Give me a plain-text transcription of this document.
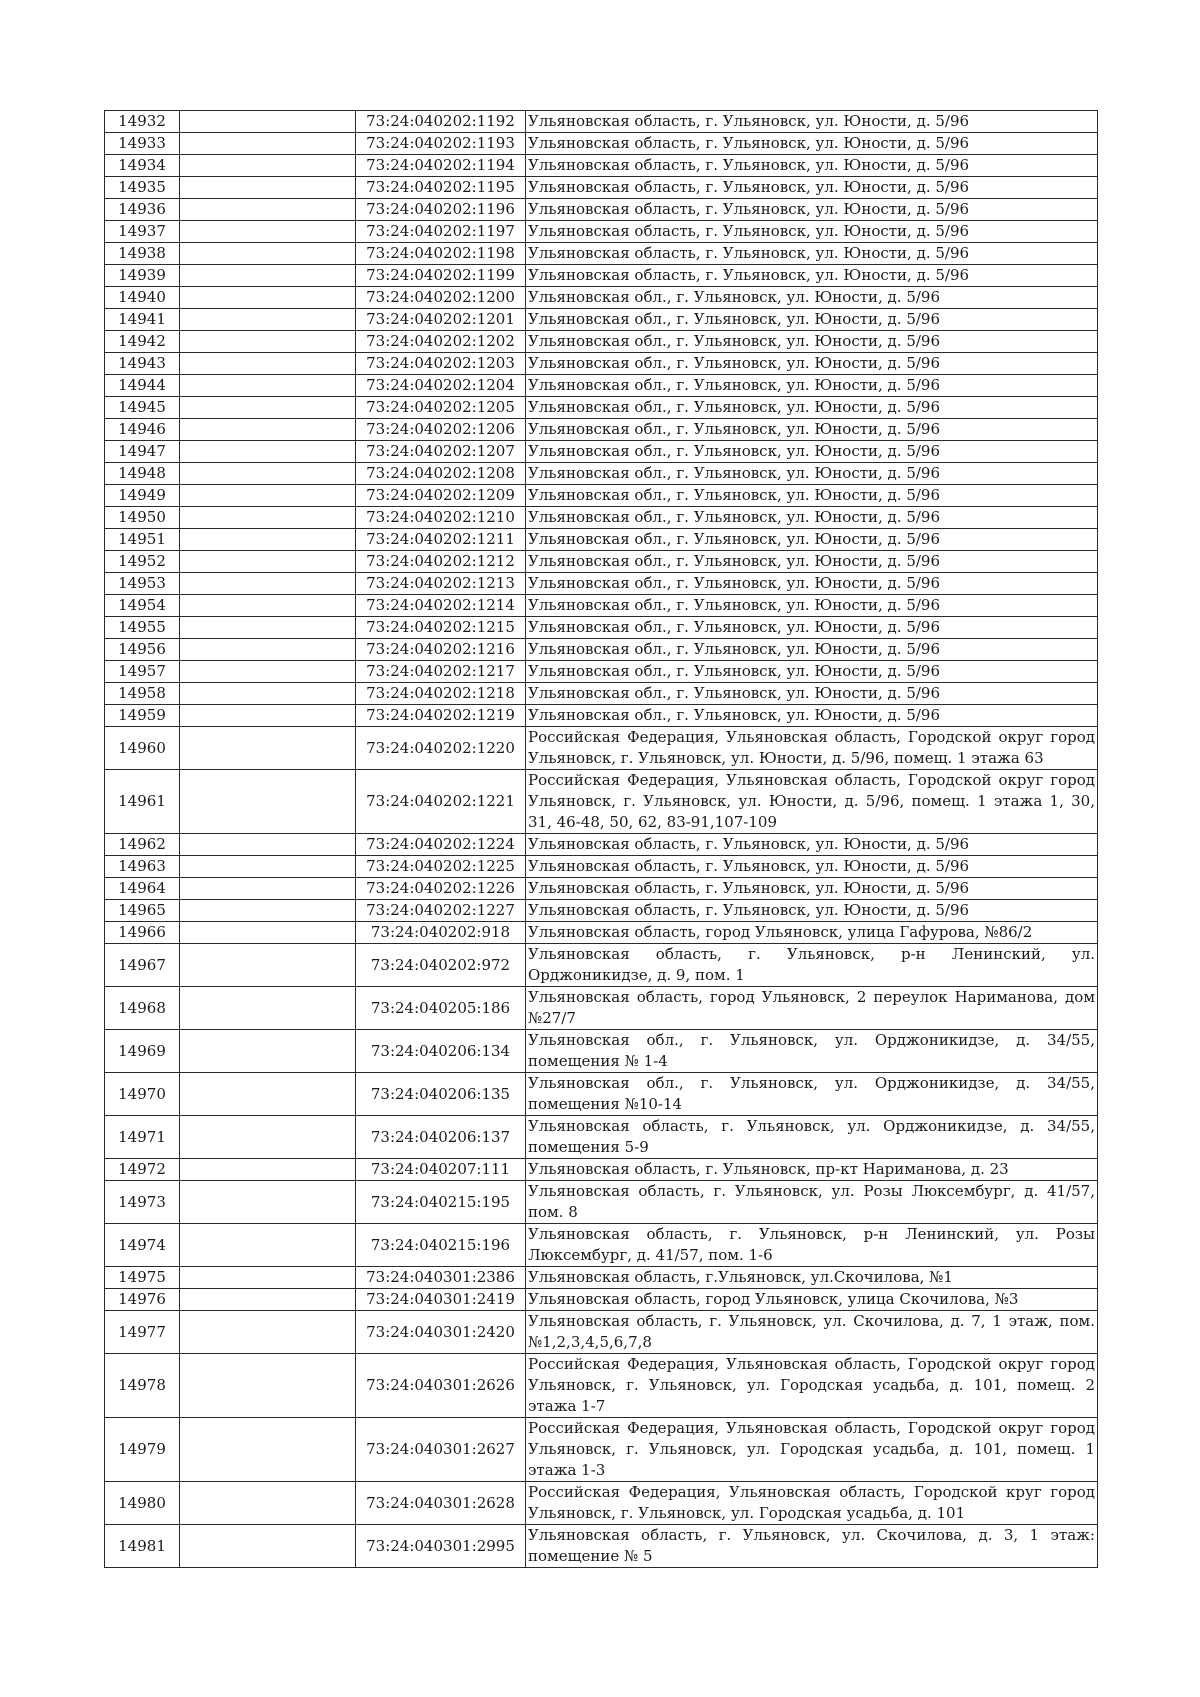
14932		73:24:040202:1192	Ульяновская область, г. Ульяновск, ул. Юности, д. 5/96
14933		73:24:040202:1193	Ульяновская область, г. Ульяновск, ул. Юности, д. 5/96
14934		73:24:040202:1194	Ульяновская область, г. Ульяновск, ул. Юности, д. 5/96
14935		73:24:040202:1195	Ульяновская область, г. Ульяновск, ул. Юности, д. 5/96
14936		73:24:040202:1196	Ульяновская область, г. Ульяновск, ул. Юности, д. 5/96
14937		73:24:040202:1197	Ульяновская область, г. Ульяновск, ул. Юности, д. 5/96
14938		73:24:040202:1198	Ульяновская область, г. Ульяновск, ул. Юности, д. 5/96
14939		73:24:040202:1199	Ульяновская область, г. Ульяновск, ул. Юности, д. 5/96
14940		73:24:040202:1200	Ульяновская обл., г. Ульяновск, ул. Юности, д. 5/96
14941		73:24:040202:1201	Ульяновская обл., г. Ульяновск, ул. Юности, д. 5/96
14942		73:24:040202:1202	Ульяновская обл., г. Ульяновск, ул. Юности, д. 5/96
14943		73:24:040202:1203	Ульяновская обл., г. Ульяновск, ул. Юности, д. 5/96
14944		73:24:040202:1204	Ульяновская обл., г. Ульяновск, ул. Юности, д. 5/96
14945		73:24:040202:1205	Ульяновская обл., г. Ульяновск, ул. Юности, д. 5/96
14946		73:24:040202:1206	Ульяновская обл., г. Ульяновск, ул. Юности, д. 5/96
14947		73:24:040202:1207	Ульяновская обл., г. Ульяновск, ул. Юности, д. 5/96
14948		73:24:040202:1208	Ульяновская обл., г. Ульяновск, ул. Юности, д. 5/96
14949		73:24:040202:1209	Ульяновская обл., г. Ульяновск, ул. Юности, д. 5/96
14950		73:24:040202:1210	Ульяновская обл., г. Ульяновск, ул. Юности, д. 5/96
14951		73:24:040202:1211	Ульяновская обл., г. Ульяновск, ул. Юности, д. 5/96
14952		73:24:040202:1212	Ульяновская обл., г. Ульяновск, ул. Юности, д. 5/96
14953		73:24:040202:1213	Ульяновская обл., г. Ульяновск, ул. Юности, д. 5/96
14954		73:24:040202:1214	Ульяновская обл., г. Ульяновск, ул. Юности, д. 5/96
14955		73:24:040202:1215	Ульяновская обл., г. Ульяновск, ул. Юности, д. 5/96
14956		73:24:040202:1216	Ульяновская обл., г. Ульяновск, ул. Юности, д. 5/96
14957		73:24:040202:1217	Ульяновская обл., г. Ульяновск, ул. Юности, д. 5/96
14958		73:24:040202:1218	Ульяновская обл., г. Ульяновск, ул. Юности, д. 5/96
14959		73:24:040202:1219	Ульяновская обл., г. Ульяновск, ул. Юности, д. 5/96
14960		73:24:040202:1220	Российская Федерация, Ульяновская область, Городской округ город Ульяновск, г. Ульяновск, ул. Юности, д. 5/96, помещ. 1 этажа 63
14961		73:24:040202:1221	Российская Федерация, Ульяновская область, Городской округ город Ульяновск, г. Ульяновск, ул. Юности, д. 5/96, помещ. 1 этажа 1, 30, 31, 46-48, 50, 62, 83-91,107-109
14962		73:24:040202:1224	Ульяновская область, г. Ульяновск, ул. Юности, д. 5/96
14963		73:24:040202:1225	Ульяновская область, г. Ульяновск, ул. Юности, д. 5/96
14964		73:24:040202:1226	Ульяновская область, г. Ульяновск, ул. Юности, д. 5/96
14965		73:24:040202:1227	Ульяновская область, г. Ульяновск, ул. Юности, д. 5/96
14966		73:24:040202:918	Ульяновская область, город Ульяновск, улица Гафурова, №86/2
14967		73:24:040202:972	Ульяновская область, г. Ульяновск, р-н Ленинский, ул. Орджоникидзе, д. 9, пом. 1
14968		73:24:040205:186	Ульяновская область, город Ульяновск, 2 переулок Нариманова, дом №27/7
14969		73:24:040206:134	Ульяновская обл., г. Ульяновск, ул. Орджоникидзе, д. 34/55, помещения № 1-4
14970		73:24:040206:135	Ульяновская обл., г. Ульяновск, ул. Орджоникидзе, д. 34/55, помещения №10-14
14971		73:24:040206:137	Ульяновская область, г. Ульяновск, ул. Орджоникидзе, д. 34/55, помещения 5-9
14972		73:24:040207:111	Ульяновская область, г. Ульяновск, пр-кт Нариманова, д. 23
14973		73:24:040215:195	Ульяновская область, г. Ульяновск, ул. Розы Люксембург, д. 41/57, пом. 8
14974		73:24:040215:196	Ульяновская область, г. Ульяновск, р-н Ленинский, ул. Розы Люксембург, д. 41/57, пом. 1-6
14975		73:24:040301:2386	Ульяновская область, г.Ульяновск, ул.Скочилова, №1
14976		73:24:040301:2419	Ульяновская область, город Ульяновск, улица Скочилова, №3
14977		73:24:040301:2420	Ульяновская область, г. Ульяновск, ул. Скочилова, д. 7, 1 этаж, пом. №1,2,3,4,5,6,7,8
14978		73:24:040301:2626	Российская Федерация, Ульяновская область, Городской округ город Ульяновск, г. Ульяновск, ул. Городская усадьба, д. 101, помещ. 2 этажа 1-7
14979		73:24:040301:2627	Российская Федерация, Ульяновская область, Городской округ город Ульяновск, г. Ульяновск, ул. Городская усадьба, д. 101, помещ. 1 этажа 1-3
14980		73:24:040301:2628	Российская Федерация, Ульяновская область, Городской круг город Ульяновск, г. Ульяновск, ул. Городская усадьба, д. 101
14981		73:24:040301:2995	Ульяновская область, г. Ульяновск, ул. Скочилова, д. 3, 1 этаж: помещение № 5
